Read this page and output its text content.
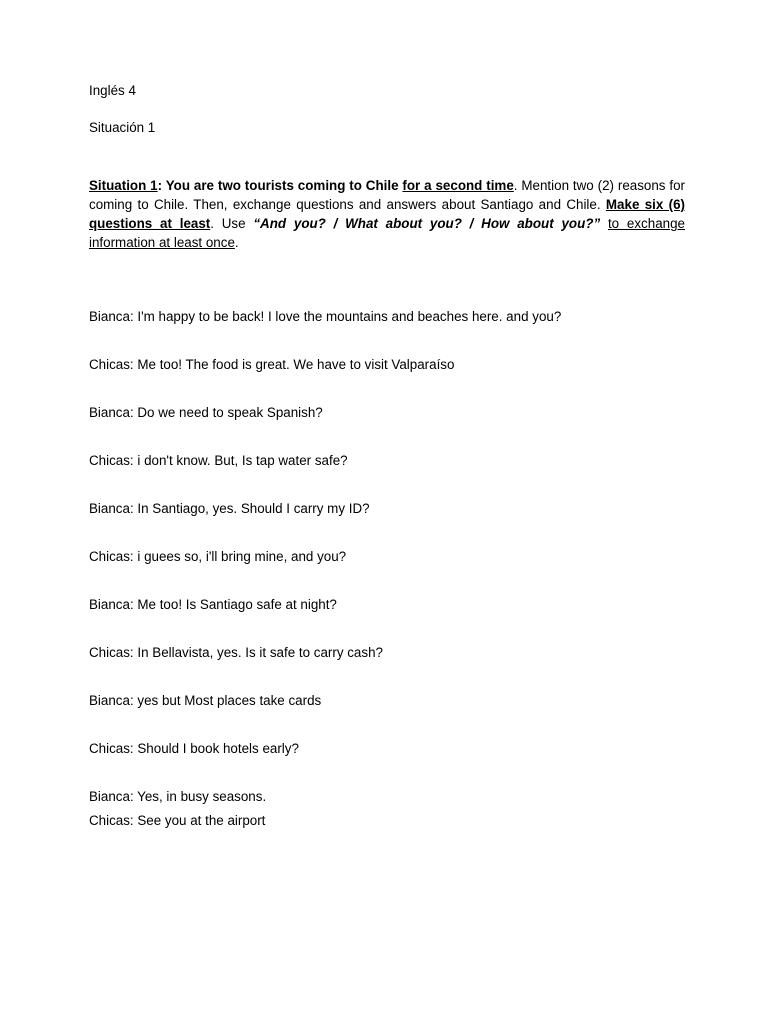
Inglés 4
Situación 1
Situation 1: You are two tourists coming to Chile for a second time. Mention two (2) reasons for coming to Chile. Then, exchange questions and answers about Santiago and Chile. Make six (6) questions at least. Use “And you? / What about you? / How about you?” to exchange information at least once.
Bianca: I'm happy to be back! I love the mountains and beaches here. and you?
Chicas: Me too! The food is great. We have to visit Valparaíso
Bianca: Do we need to speak Spanish?
Chicas: i don't know. But, Is tap water safe?
Bianca: In Santiago, yes. Should I carry my ID?
Chicas: i guees so, i'll bring mine, and you?
Bianca: Me too! Is Santiago safe at night?
Chicas: In Bellavista, yes. Is it safe to carry cash?
Bianca: yes but Most places take cards
Chicas: Should I book hotels early?
Bianca: Yes, in busy seasons.
Chicas: See you at the airport
